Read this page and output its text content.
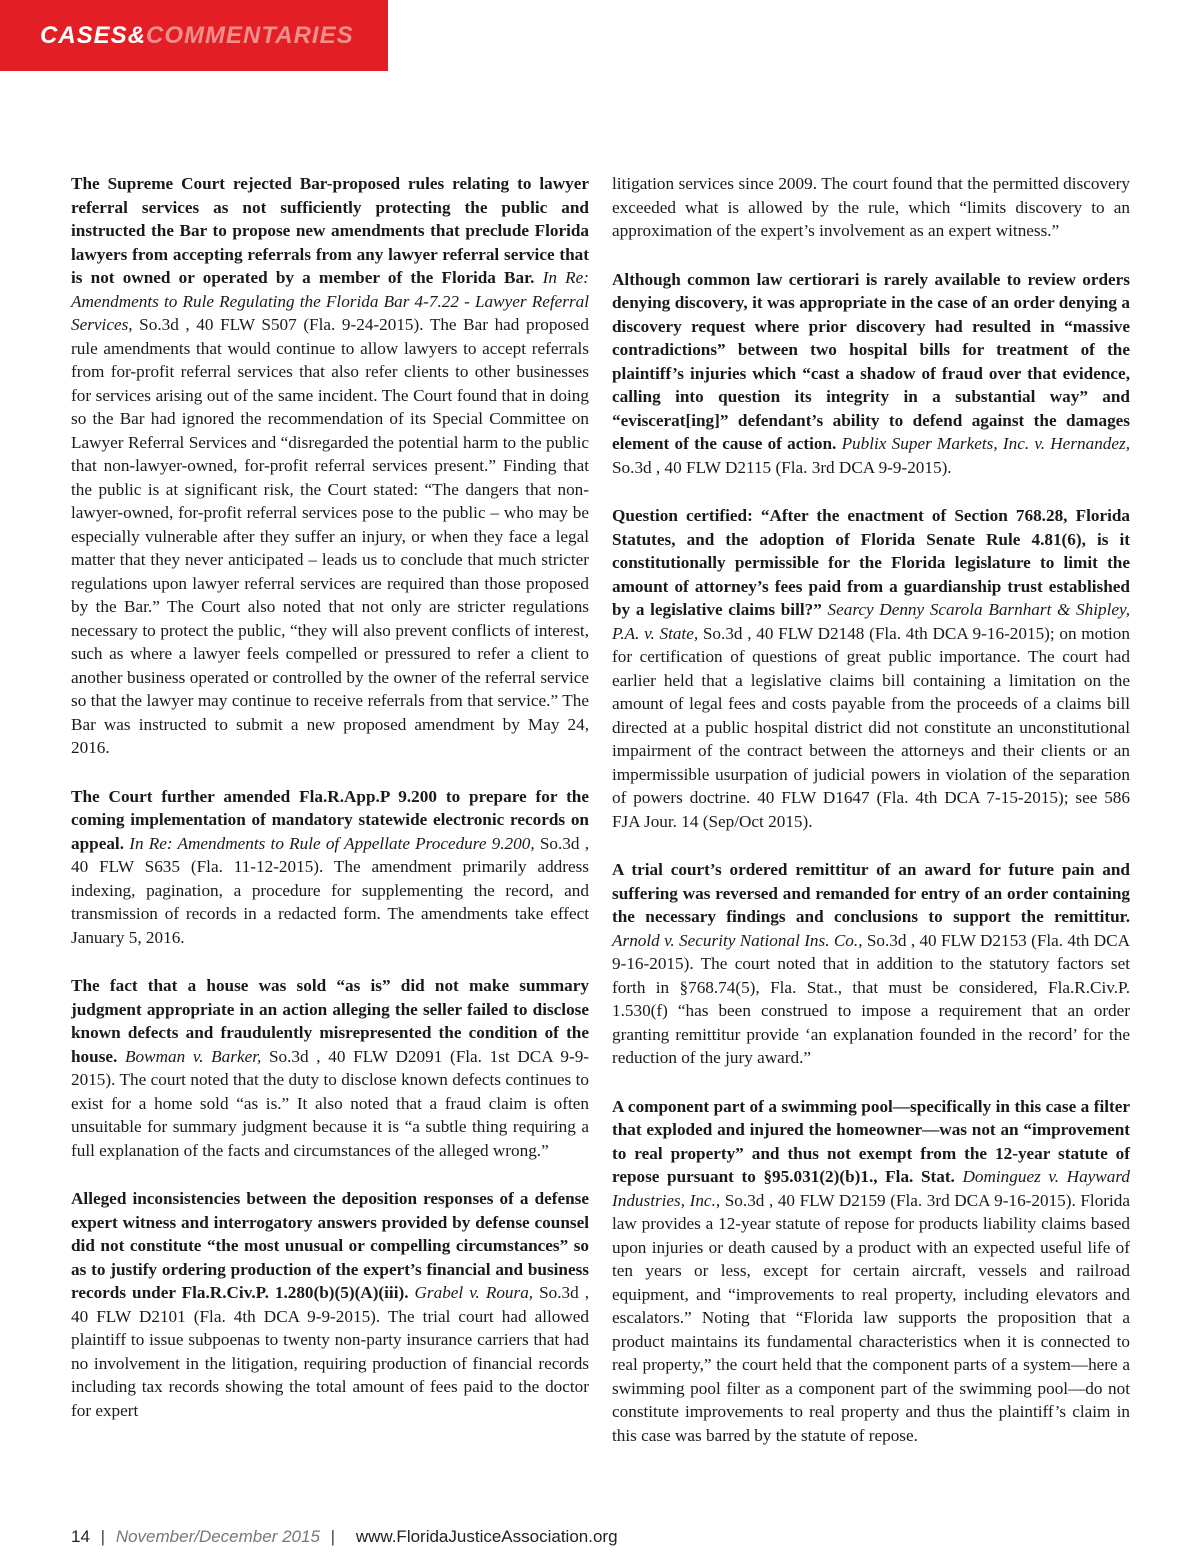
CASES&COMMENTARIES

The Supreme Court rejected Bar-proposed rules relating to lawyer referral services as not sufficiently protecting the public and instructed the Bar to propose new amendments that preclude Florida lawyers from accepting referrals from any lawyer referral service that is not owned or operated by a member of the Florida Bar. In Re: Amendments to Rule Regulating the Florida Bar 4-7.22 - Lawyer Referral Services, So.3d , 40 FLW S507 (Fla. 9-24-2015). The Bar had proposed rule amendments that would continue to allow lawyers to accept referrals from for-profit referral services that also refer clients to other businesses for services arising out of the same incident. The Court found that in doing so the Bar had ignored the recommendation of its Special Committee on Lawyer Referral Services and “disregarded the potential harm to the public that non-lawyer-owned, for-profit referral services present.” Finding that the public is at significant risk, the Court stated: “The dangers that non-lawyer-owned, for-profit referral services pose to the public – who may be especially vulnerable after they suffer an injury, or when they face a legal matter that they never anticipated – leads us to conclude that much stricter regulations upon lawyer referral services are required than those proposed by the Bar.” The Court also noted that not only are stricter regulations necessary to protect the public, “they will also prevent conflicts of interest, such as where a lawyer feels compelled or pressured to refer a client to another business operated or controlled by the owner of the referral service so that the lawyer may continue to receive referrals from that service.” The Bar was instructed to submit a new proposed amendment by May 24, 2016.

The Court further amended Fla.R.App.P 9.200 to prepare for the coming implementation of mandatory statewide electronic records on appeal. In Re: Amendments to Rule of Appellate Procedure 9.200, So.3d , 40 FLW S635 (Fla. 11-12-2015). The amendment primarily address indexing, pagination, a procedure for supplementing the record, and transmission of records in a redacted form. The amendments take effect January 5, 2016.

The fact that a house was sold “as is” did not make summary judgment appropriate in an action alleging the seller failed to disclose known defects and fraudulently misrepresented the condition of the house. Bowman v. Barker, So.3d , 40 FLW D2091 (Fla. 1st DCA 9-9-2015). The court noted that the duty to disclose known defects continues to exist for a home sold “as is.” It also noted that a fraud claim is often unsuitable for summary judgment because it is “a subtle thing requiring a full explanation of the facts and circumstances of the alleged wrong.”

Alleged inconsistencies between the deposition responses of a defense expert witness and interrogatory answers provided by defense counsel did not constitute “the most unusual or compelling circumstances” so as to justify ordering production of the expert’s financial and business records under Fla.R.Civ.P. 1.280(b)(5)(A)(iii). Grabel v. Roura, So.3d , 40 FLW D2101 (Fla. 4th DCA 9-9-2015). The trial court had allowed plaintiff to issue subpoenas to twenty non-party insurance carriers that had no involvement in the litigation, requiring production of financial records including tax records showing the total amount of fees paid to the doctor for expert

litigation services since 2009. The court found that the permitted discovery exceeded what is allowed by the rule, which “limits discovery to an approximation of the expert’s involvement as an expert witness.”

Although common law certiorari is rarely available to review orders denying discovery, it was appropriate in the case of an order denying a discovery request where prior discovery had resulted in “massive contradictions” between two hospital bills for treatment of the plaintiff’s injuries which “cast a shadow of fraud over that evidence, calling into question its integrity in a substantial way” and “eviscerat[ing]” defendant’s ability to defend against the damages element of the cause of action. Publix Super Markets, Inc. v. Hernandez, So.3d , 40 FLW D2115 (Fla. 3rd DCA 9-9-2015).

Question certified: “After the enactment of Section 768.28, Florida Statutes, and the adoption of Florida Senate Rule 4.81(6), is it constitutionally permissible for the Florida legislature to limit the amount of attorney’s fees paid from a guardianship trust established by a legislative claims bill?” Searcy Denny Scarola Barnhart & Shipley, P.A. v. State, So.3d , 40 FLW D2148 (Fla. 4th DCA 9-16-2015); on motion for certification of questions of great public importance. The court had earlier held that a legislative claims bill containing a limitation on the amount of legal fees and costs payable from the proceeds of a claims bill directed at a public hospital district did not constitute an unconstitutional impairment of the contract between the attorneys and their clients or an impermissible usurpation of judicial powers in violation of the separation of powers doctrine. 40 FLW D1647 (Fla. 4th DCA 7-15-2015); see 586 FJA Jour. 14 (Sep/Oct 2015).

A trial court’s ordered remittitur of an award for future pain and suffering was reversed and remanded for entry of an order containing the necessary findings and conclusions to support the remittitur. Arnold v. Security National Ins. Co., So.3d , 40 FLW D2153 (Fla. 4th DCA 9-16-2015). The court noted that in addition to the statutory factors set forth in §768.74(5), Fla. Stat., that must be considered, Fla.R.Civ.P. 1.530(f) “has been construed to impose a requirement that an order granting remittitur provide ‘an explanation founded in the record’ for the reduction of the jury award.”

A component part of a swimming pool—specifically in this case a filter that exploded and injured the homeowner—was not an “improvement to real property” and thus not exempt from the 12-year statute of repose pursuant to §95.031(2)(b)1., Fla. Stat. Dominguez v. Hayward Industries, Inc., So.3d , 40 FLW D2159 (Fla. 3rd DCA 9-16-2015). Florida law provides a 12-year statute of repose for products liability claims based upon injuries or death caused by a product with an expected useful life of ten years or less, except for certain aircraft, vessels and railroad equipment, and “improvements to real property, including elevators and escalators.” Noting that “Florida law supports the proposition that a product maintains its fundamental characteristics when it is connected to real property,” the court held that the component parts of a system—here a swimming pool filter as a component part of the swimming pool—do not constitute improvements to real property and thus the plaintiff’s claim in this case was barred by the statute of repose.

14 | November/December 2015 | www.FloridaJusticeAssociation.org
